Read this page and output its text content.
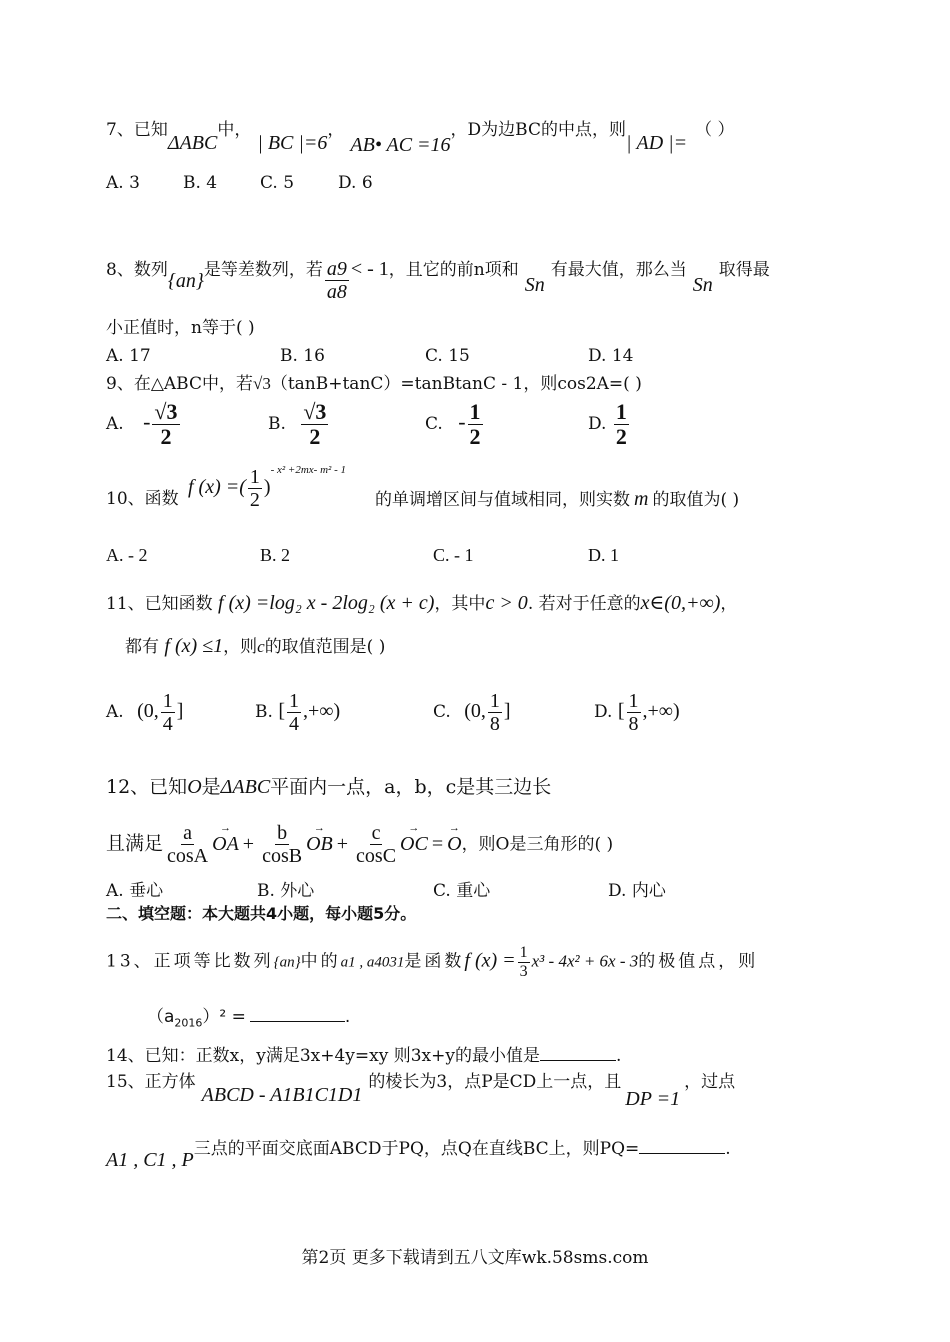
7、已知ΔABC中，| BC |=6，AB• AC =16，D为边BC的中点，则| AD |=（ ）
A. 3	B. 4	C. 5	D. 6
8、数列{an}是等差数列，若 $\frac{a9}{a8}$ < - 1，且它的前n项和Sn有最大值，那么当Sn取得最
小正值时，n等于( )
A. 17	B. 16	C. 15	D. 14
9、在△ABC中，若√3（tanB+tanC）=tanBtanC - 1，则cos2A=( )
A. - $\frac{√3}{2}$	B. $\frac{√3}{2}$	C. - $\frac{1}{2}$	D. $\frac{1}{2}$
10、函数
f (x) =( $\frac{1}{2} )^{- x^2 +2mx- m^2 - 1}$
的单调增区间与值域相同，则实数 m 的取值为( )
A. - 2	B. 2	C. - 1	D. 1
11、已知函数 f (x) =log₂ x - 2log₂ (x + c)，其中c > 0. 若对于任意的x∈(0,+∞)，
都有 f (x) ≤1，则c的取值范围是( )
A. (0, $\frac{1}{4}$ ]	B. [ $\frac{1}{4}$ ,+∞)	C. (0, $\frac{1}{8}$ ]	D. [ $\frac{1}{8}$ ,+∞)
12、已知O是ΔABC平面内一点，a，b，c是其三边长
且满足 $\frac{a}{\cos A}$ → OA + $\frac{b}{\cos B}$ → OB + $\frac{c}{\cos C}$ → OC = → O，则O是三角形的( )
A. 垂心	B. 外心	C. 重心	D. 内心
二、填空题：本大题共4小题，每小题5分。
13、正项等比数列{an}中的a1 , a4031是函数f $(x) = \frac{1}{3} x^3 - 4x^2 + 6x - 3$的极值点，则
$(a_{2016})^2$ =	.
14、已知：正数x，y满足3x+4y=xy 则3x+y的最小值是	.
15、正方体ABCD - A1B1C1D1的棱长为3，点P是CD上一点，且DP =1，过点
A1 , C1 , P三点的平面交底面ABCD于PQ，点Q在直线BC上，则PQ=	.
第2页 更多下载请到五八文库wk.58sms.com
